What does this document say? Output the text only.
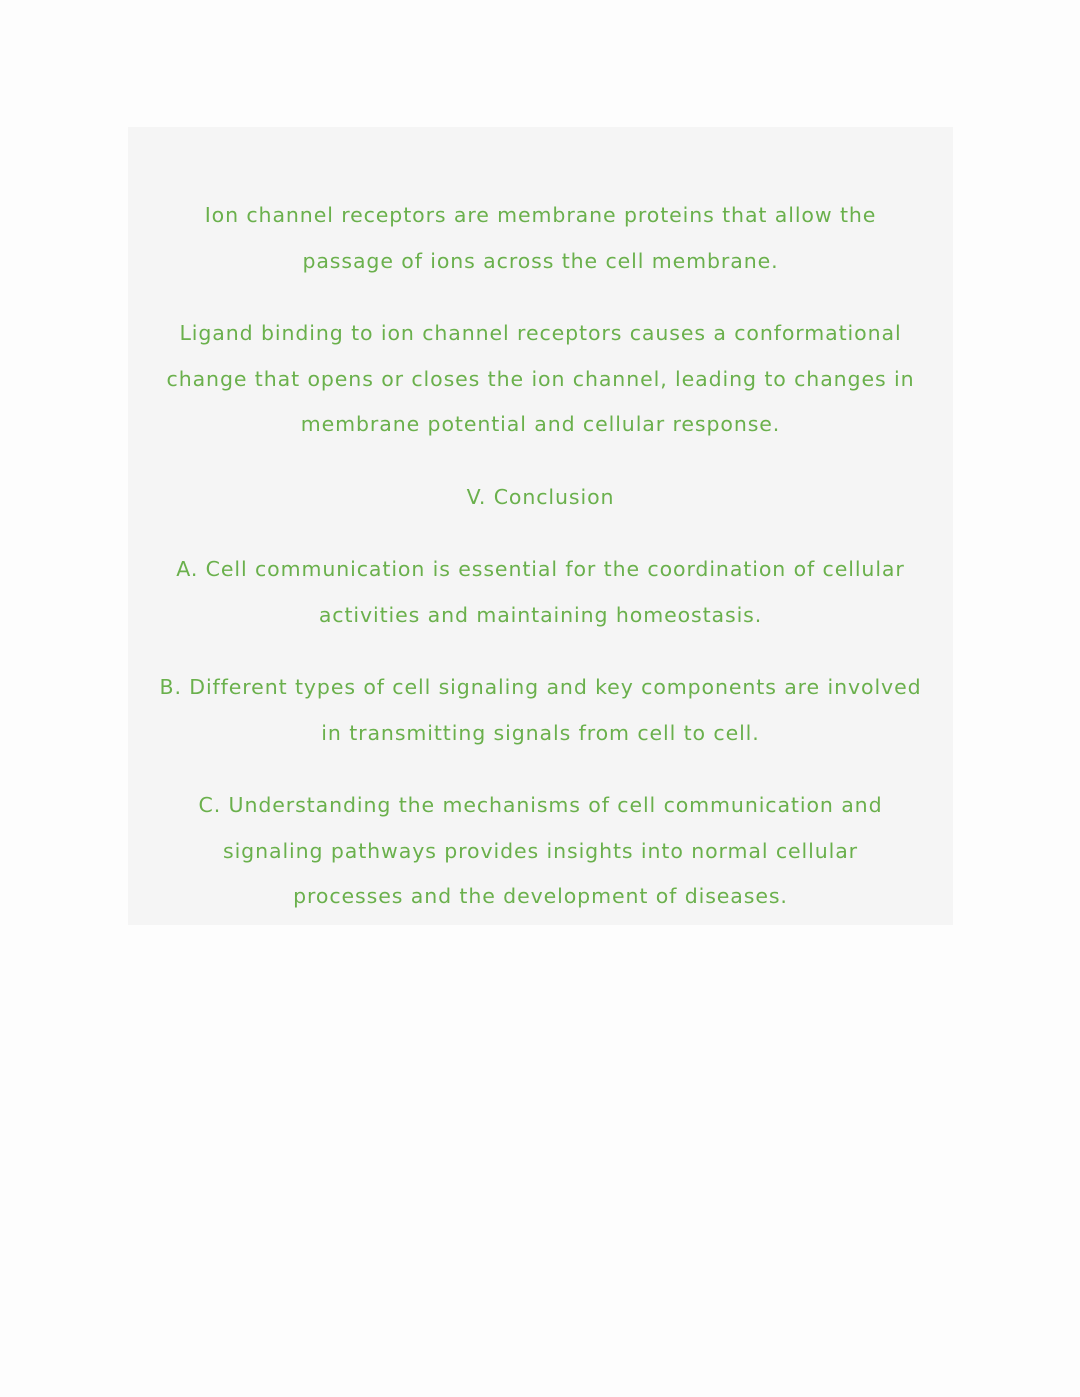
Ion channel receptors are membrane proteins that allow the
passage of ions across the cell membrane.

Ligand binding to ion channel receptors causes a conformational
change that opens or closes the ion channel, leading to changes in
membrane potential and cellular response.

V. Conclusion

A. Cell communication is essential for the coordination of cellular
activities and maintaining homeostasis.

B. Different types of cell signaling and key components are involved
in transmitting signals from cell to cell.

C. Understanding the mechanisms of cell communication and
signaling pathways provides insights into normal cellular
processes and the development of diseases.
